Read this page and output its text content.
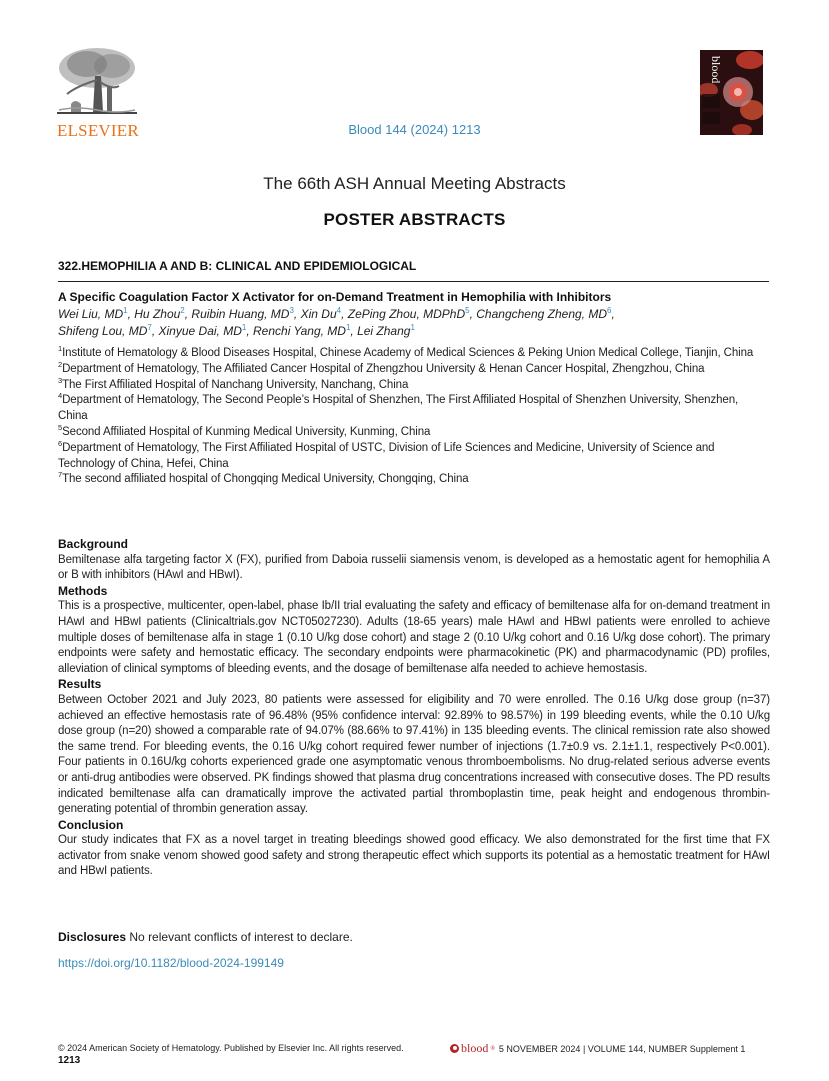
ELSEVIER
blood
Blood 144 (2024) 1213
The 66th ASH Annual Meeting Abstracts
POSTER ABSTRACTS
322.HEMOPHILIA A AND B: CLINICAL AND EPIDEMIOLOGICAL
A Specific Coagulation Factor X Activator for on-Demand Treatment in Hemophilia with Inhibitors
Wei Liu, $MD^1$, Hu Zhou$^2$, Ruibin Huang, $MD^3$, Xin Du$^4$, ZePing Zhou, MDPhD$^5$, Changcheng Zheng, $MD^6$,
Shifeng Lou, $MD^7$, Xinyue Dai, $MD^1$, Renchi Yang, $MD^1$, Lei Zhang$^1$
$^1$Institute of Hematology & Blood Diseases Hospital, Chinese Academy of Medical Sciences & Peking Union Medical College, Tianjin, China
$^2$Department of Hematology, The Affiliated Cancer Hospital of Zhengzhou University & Henan Cancer Hospital, Zhengzhou, China
$^3$The First Affiliated Hospital of Nanchang University, Nanchang, China
$^4$Department of Hematology, The Second People’s Hospital of Shenzhen, The First Affiliated Hospital of Shenzhen University, Shenzhen, China
$^5$Second Affiliated Hospital of Kunming Medical University, Kunming, China
$^6$Department of Hematology, The First Affiliated Hospital of USTC, Division of Life Sciences and Medicine, University of Science and Technology of China, Hefei, China
$^7$The second affiliated hospital of Chongqing Medical University, Chongqing, China
Background

Bemiltenase alfa targeting factor X (FX), purified from Daboia russelii siamensis venom, is developed as a hemostatic agent for hemophilia A or B with inhibitors (HAwI and HBwI).

Methods

This is a prospective, multicenter, open-label, phase Ib/II trial evaluating the safety and efficacy of bemiltenase alfa for on-demand treatment in HAwI and HBwI patients (Clinicaltrials.gov NCT05027230). Adults (18-65 years) male HAwI and HBwI patients were enrolled to achieve multiple doses of bemiltenase alfa in stage 1 (0.10 U/kg dose cohort) and stage 2 (0.10 U/kg cohort and 0.16 U/kg dose cohort). The primary endpoints were safety and hemostatic efficacy. The secondary endpoints were pharmacokinetic (PK) and pharmacodynamic (PD) profiles, alleviation of clinical symptoms of bleeding events, and the dosage of bemiltenase alfa needed to achieve hemostasis.

Results

Between October 2021 and July 2023, 80 patients were assessed for eligibility and 70 were enrolled. The 0.16 U/kg dose group (n=37) achieved an effective hemostasis rate of 96.48% (95% confidence interval: 92.89% to 98.57%) in 199 bleeding events, while the 0.10 U/kg dose group (n=20) showed a comparable rate of 94.07% (88.66% to 97.41%) in 135 bleeding events. The clinical remission rate also showed the same trend. For bleeding events, the 0.16 U/kg cohort required fewer number of injections (1.7±0.9 vs. 2.1±1.1, respectively P<0.001). Four patients in 0.16U/kg cohorts experienced grade one asymptomatic venous thromboembolisms. No drug-related serious adverse events or anti-drug antibodies were observed. PK findings showed that plasma drug concentrations increased with consecutive doses. The PD results indicated bemiltenase alfa can dramatically improve the activated partial thromboplastin time, peak height and endogenous thrombin-generating potential of thrombin generation assay.

Conclusion

Our study indicates that FX as a novel target in treating bleedings showed good efficacy. We also demonstrated for the first time that FX activator from snake venom showed good safety and strong therapeutic effect which supports its potential as a hemostatic treatment for HAwI and HBwI patients.

Disclosures No relevant conflicts of interest to declare.
https://doi.org/10.1182/blood-2024-199149
© 2024 American Society of Hematology. Published by Elsevier Inc. All rights reserved.
1213
blood ® 5 NOVEMBER 2024 | VOLUME 144, NUMBER Supplement 1
